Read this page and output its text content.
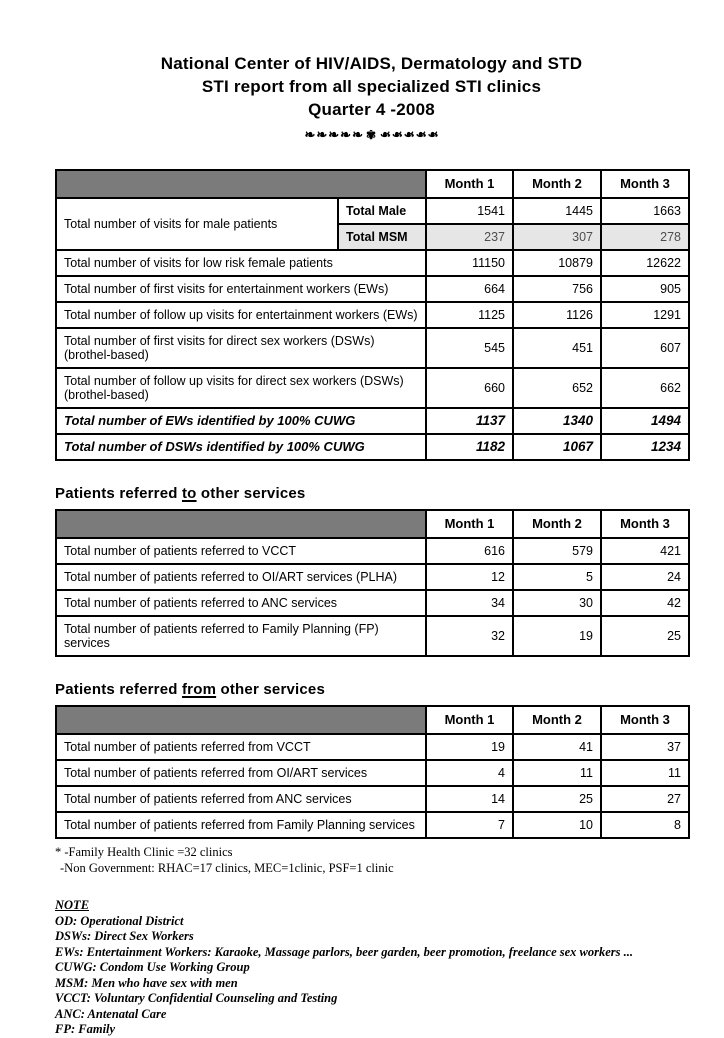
National Center of HIV/AIDS, Dermatology and STD
STI report from all specialized STI clinics
Quarter 4 -2008
❧❧❧❧❧ ✾ ❧❧❧❧❧
		Month 1	Month 2	Month 3
Total number of visits for male patients	Total Male	1541	1445	1663
	Total MSM	237	307	278
Total number of visits for low risk female patients		11150	10879	12622
Total number of first visits for entertainment workers (EWs)		664	756	905
Total number of follow up visits for entertainment workers (EWs)		1125	1126	1291
Total number of first visits for direct sex workers (DSWs) (brothel-based)		545	451	607
Total number of follow up visits for direct sex workers (DSWs) (brothel-based)		660	652	662
Total number of EWs identified by 100% CUWG		1137	1340	1494
Total number of DSWs identified by 100% CUWG		1182	1067	1234
Patients referred to other services
	Month 1	Month 2	Month 3
Total number of patients referred to VCCT	616	579	421
Total number of patients referred to OI/ART services (PLHA)	12	5	24
Total number of patients referred to ANC services	34	30	42
Total number of patients referred to Family Planning (FP) services	32	19	25
Patients referred from other services
	Month 1	Month 2	Month 3
Total number of patients referred from VCCT	19	41	37
Total number of patients referred from OI/ART services	4	11	11
Total number of patients referred from ANC services	14	25	27
Total number of patients referred from Family Planning services	7	10	8
* -Family Health Clinic =32 clinics
-Non Government: RHAC=17 clinics, MEC=1clinic, PSF=1 clinic
NOTE
OD: Operational District
DSWs: Direct Sex Workers
EWs: Entertainment Workers: Karaoke, Massage parlors, beer garden, beer promotion, freelance sex workers ...
CUWG: Condom Use Working Group
MSM: Men who have sex with men
VCCT: Voluntary Confidential Counseling and Testing
ANC: Antenatal Care
FP: Family
